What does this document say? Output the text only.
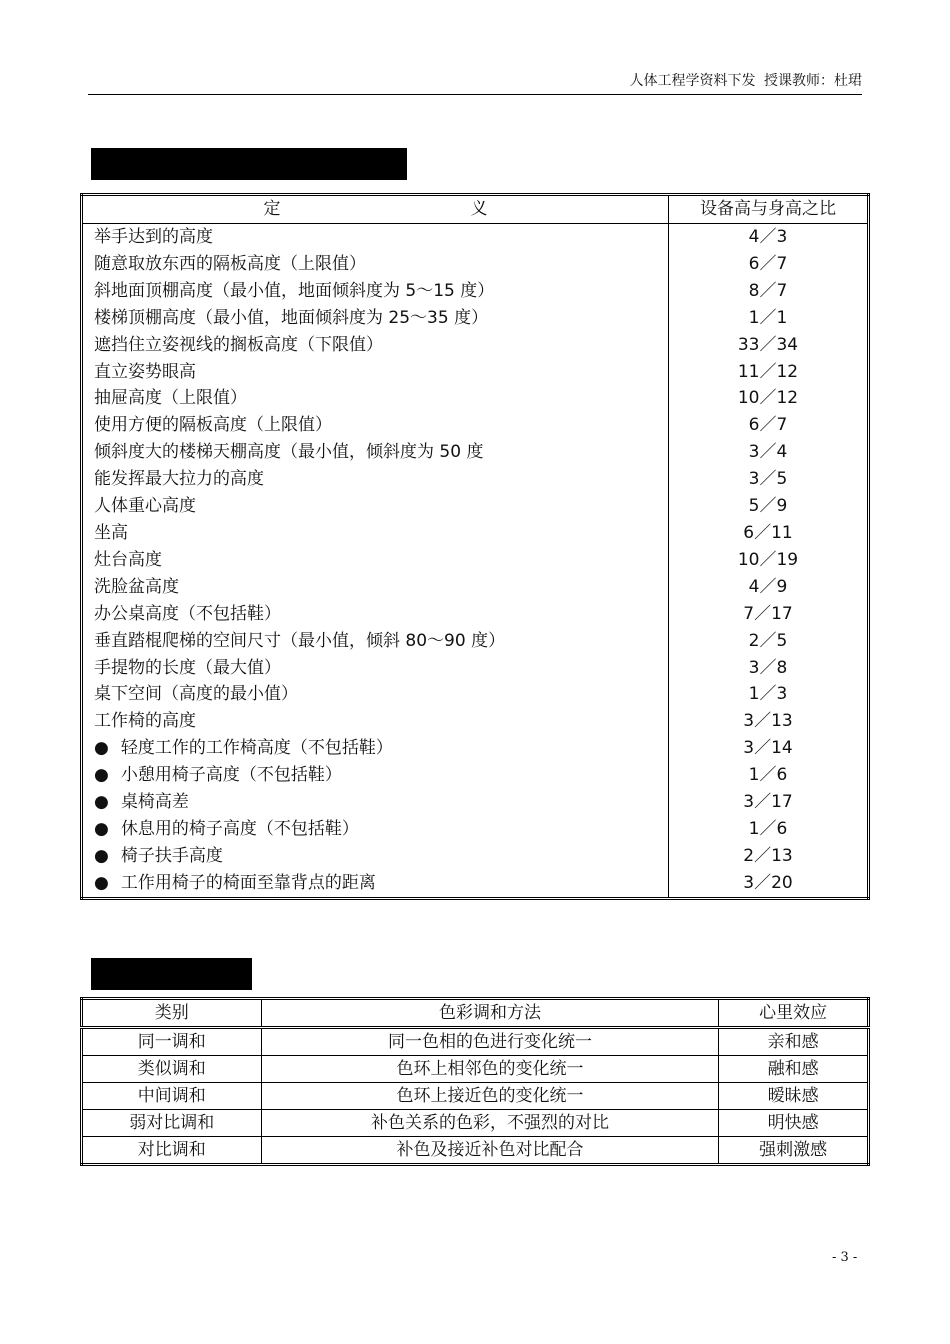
人体工程学资料下发 授课教师：杜珺
设备和用具的高度与身高的关系
定 义	设备高与身高之比
举手达到的高度	4／3
随意取放东西的隔板高度（上限值）	6／7
斜地面顶棚高度（最小值，地面倾斜度为 5～15 度）	8／7
楼梯顶棚高度（最小值，地面倾斜度为 25～35 度）	1／1
遮挡住立姿视线的搁板高度（下限值）	33／34
直立姿势眼高	11／12
抽屉高度（上限值）	10／12
使用方便的隔板高度（上限值）	6／7
倾斜度大的楼梯天棚高度（最小值，倾斜度为 50 度	3／4
能发挥最大拉力的高度	3／5
人体重心高度	5／9
坐高	6／11
灶台高度	10／19
洗脸盆高度	4／9
办公桌高度（不包括鞋）	7／17
垂直踏棍爬梯的空间尺寸（最小值，倾斜 80～90 度）	2／5
手提物的长度（最大值）	3／8
桌下空间（高度的最小值）	1／3
工作椅的高度	3／13
● 轻度工作的工作椅高度（不包括鞋）	3／14
● 小憩用椅子高度（不包括鞋）	1／6
● 桌椅高差	3／17
● 休息用的椅子高度（不包括鞋）	1／6
● 椅子扶手高度	2／13
● 工作用椅子的椅面至靠背点的距离	3／20
室内调和感分类
类别	色彩调和方法	心里效应
同一调和	同一色相的色进行变化统一	亲和感
类似调和	色环上相邻色的变化统一	融和感
中间调和	色环上接近色的变化统一	暧昧感
弱对比调和	补色关系的色彩，不强烈的对比	明快感
对比调和	补色及接近补色对比配合	强刺激感
- 3 -
